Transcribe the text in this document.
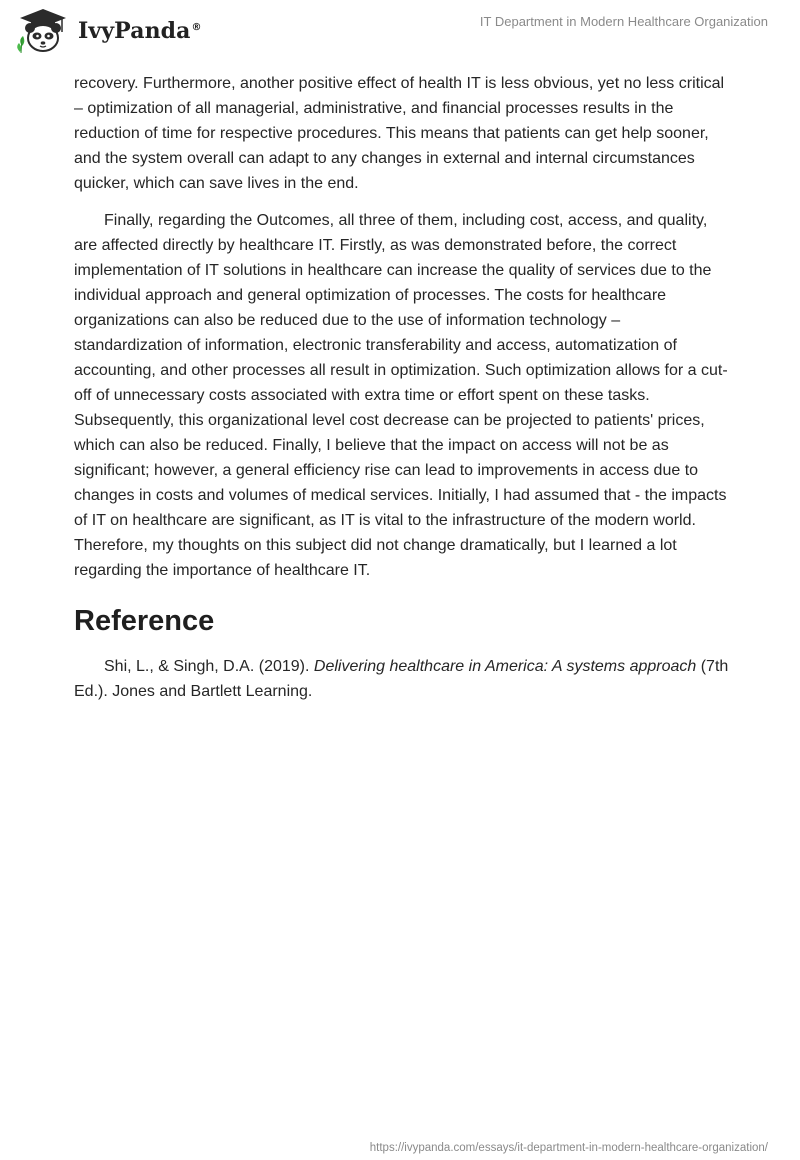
IvyPanda®	IT Department in Modern Healthcare Organization

recovery. Furthermore, another positive effect of health IT is less obvious, yet no less critical – optimization of all managerial, administrative, and financial processes results in the reduction of time for respective procedures. This means that patients can get help sooner, and the system overall can adapt to any changes in external and internal circumstances quicker, which can save lives in the end.

Finally, regarding the Outcomes, all three of them, including cost, access, and quality, are affected directly by healthcare IT. Firstly, as was demonstrated before, the correct implementation of IT solutions in healthcare can increase the quality of services due to the individual approach and general optimization of processes. The costs for healthcare organizations can also be reduced due to the use of information technology – standardization of information, electronic transferability and access, automatization of accounting, and other processes all result in optimization. Such optimization allows for a cut-off of unnecessary costs associated with extra time or effort spent on these tasks. Subsequently, this organizational level cost decrease can be projected to patients' prices, which can also be reduced. Finally, I believe that the impact on access will not be as significant; however, a general efficiency rise can lead to improvements in access due to changes in costs and volumes of medical services. Initially, I had assumed that - the impacts of IT on healthcare are significant, as IT is vital to the infrastructure of the modern world. Therefore, my thoughts on this subject did not change dramatically, but I learned a lot regarding the importance of healthcare IT.

Reference

Shi, L., & Singh, D.A. (2019). Delivering healthcare in America: A systems approach (7th Ed.). Jones and Bartlett Learning.

https://ivypanda.com/essays/it-department-in-modern-healthcare-organization/
